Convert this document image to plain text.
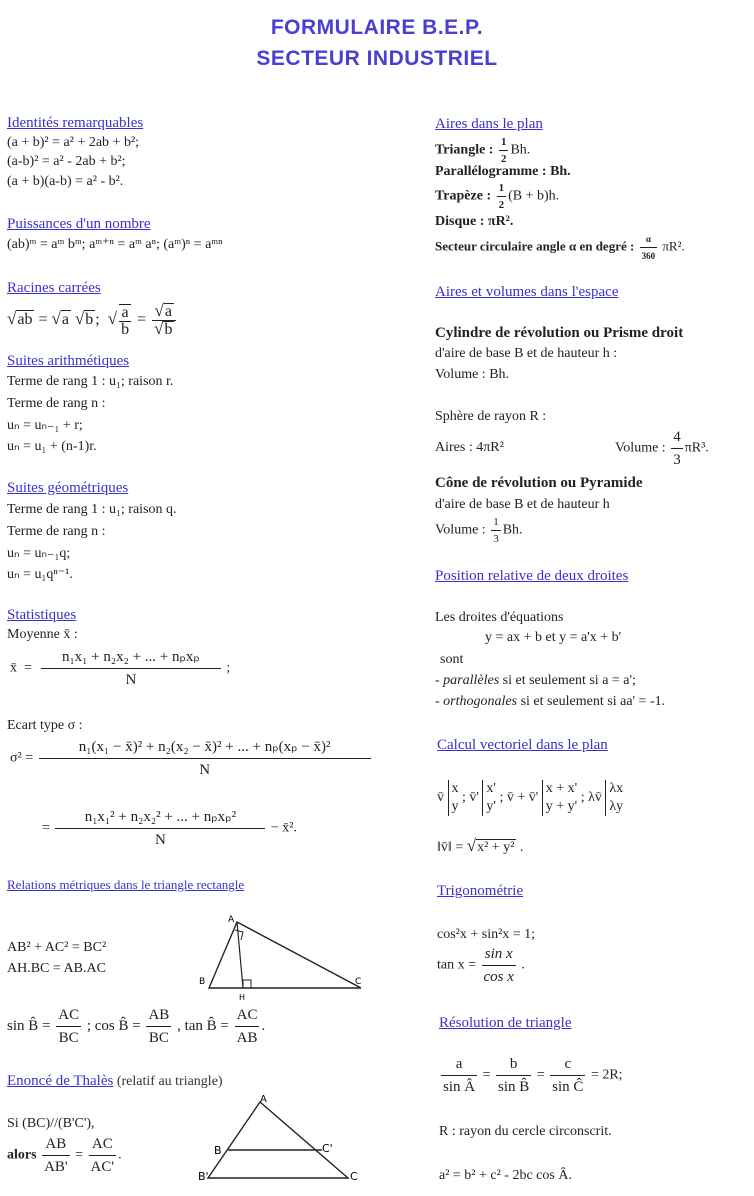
FORMULAIRE B.E.P.
SECTEUR INDUSTRIEL
Identités remarquables
(a + b)² = a² + 2ab + b²;
(a-b)² = a² - 2ab + b²;
(a + b)(a-b) = a² - b².
Puissances d'un nombre
(ab)ᵐ = aᵐ bᵐ; aᵐ⁺ⁿ = aᵐ aⁿ; (aᵐ)ⁿ = aᵐⁿ
Racines carrées
√ab = √a √b ; √ $\frac{a}{b} = \frac{√a}{√b}$
Suites arithmétiques
Terme de rang 1 : u₁; raison r.
Terme de rang n :
uₙ = uₙ₋₁ + r;
uₙ = u₁ + (n-1)r.
Suites géométriques
Terme de rang 1 : u₁; raison q.
Terme de rang n :
uₙ = uₙ₋₁q;
uₙ = u₁qⁿ⁻¹.
Statistiques
Moyenne x̄ :
x̄ = $\frac{\text{n₁x₁ + n₂x₂ + ... + nₚxₚ}}{N}$ ;
Ecart type σ :
$\sigma^2 = \frac{\text{n₁(x₁ − x̄)² + n₂(x₂ − x̄)² + ... + nₚ(xₚ − x̄)²}}{N}$
= $\frac{\text{n₁x₁² + n₂x₂² + ... + nₚxₚ²}}{N}$ − x̄².
Relations métriques dans le triangle rectangle
AB² + AC² = BC²
AH.BC = AB.AC
A
B	C
H
sin B̂ = $\frac{AC}{BC}$ ; cos B̂ = $\frac{AB}{BC}$ , tan B̂ = $\frac{AC}{AB}$ .
Enoncé de Thalès (relatif au triangle)
Si (BC)//(B'C'),
alors $\frac{AB}{AB'} = \frac{AC}{AC'}$ .
A
B
B'
C'
C
Aires dans le plan
Triangle : $\frac{1}{2} Bh$.
Parallélogramme : Bh.
Trapèze : $\frac{1}{2} (B + b)h$.
Disque : πR².
Secteur circulaire angle α en degré : $\frac{\alpha}{360} \pi R^2$.
Aires et volumes dans l'espace
Cylindre de révolution ou Prisme droit
d'aire de base B et de hauteur h :
Volume : Bh.
Sphère de rayon R :
Aires : 4πR²	Volume : $\frac{4}{3} \pi R^3$.
Cône de révolution ou Pyramide
d'aire de base B et de hauteur h
Volume : $\frac{1}{3} Bh$.
Position relative de deux droites
Les droites d'équations
y = ax + b et y = a'x + b'
sont
- parallèles si et seulement si a = a';
- orthogonales si et seulement si aa' = -1.
Calcul vectoriel dans le plan
v̄
x
y
; v̄'
x'
y'
; v̄ + v̄'
x + x'
y + y'
; λv̄
λx
λy
‖v̄‖ = √x² + y² .
Trigonométrie
cos²x + sin²x = 1;
$\tan x = \frac{\text{sin x}}{\text{cos x}}$ .
Résolution de triangle
$\frac{a}{\text{sin Â}} = \frac{b}{\text{sin B̂}} = \frac{c}{\text{sin Ĉ}} = 2R$;
R : rayon du cercle circonscrit.
a² = b² + c² - 2bc cos Â.
